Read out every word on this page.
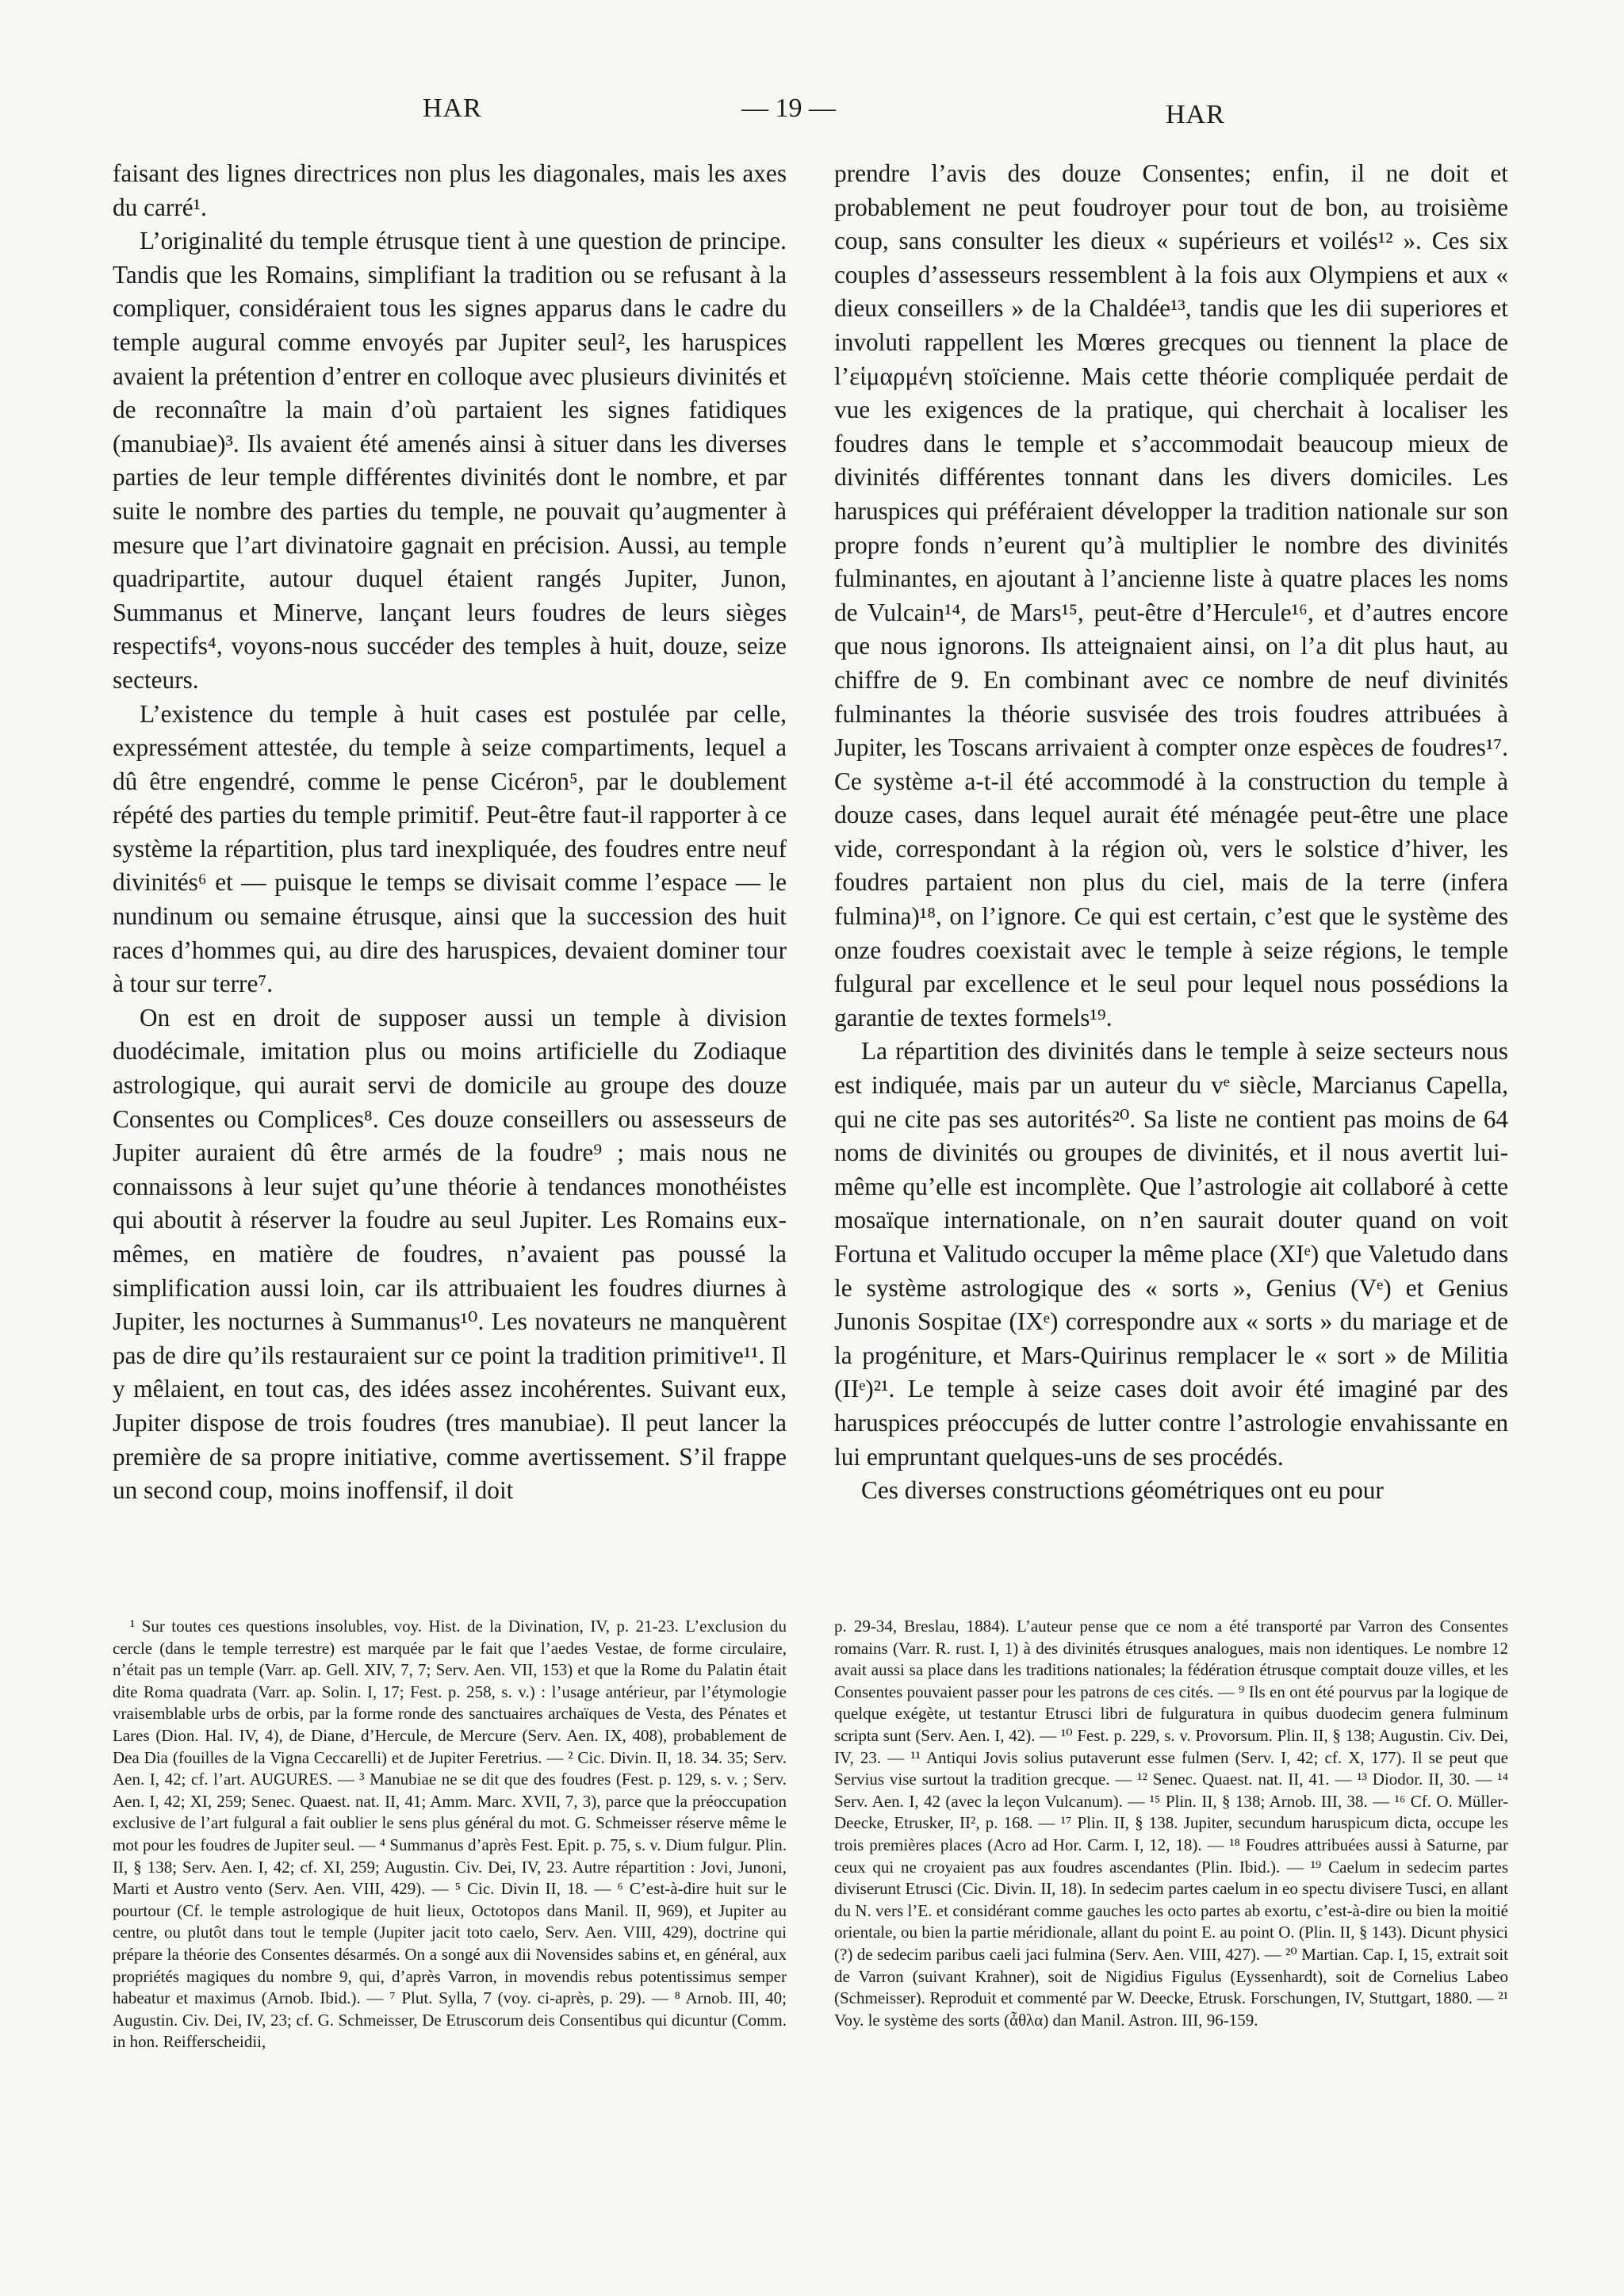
HAR	— 19 —	HAR

faisant des lignes directrices non plus les diagonales, mais les axes du carré¹.

L’originalité du temple étrusque tient à une question de principe. Tandis que les Romains, simplifiant la tradition ou se refusant à la compliquer, considéraient tous les signes apparus dans le cadre du temple augural comme envoyés par Jupiter seul², les haruspices avaient la prétention d’entrer en colloque avec plusieurs divinités et de reconnaître la main d’où partaient les signes fatidiques (manubiae)³. Ils avaient été amenés ainsi à situer dans les diverses parties de leur temple différentes divinités dont le nombre, et par suite le nombre des parties du temple, ne pouvait qu’augmenter à mesure que l’art divinatoire gagnait en précision. Aussi, au temple quadripartite, autour duquel étaient rangés Jupiter, Junon, Summanus et Minerve, lançant leurs foudres de leurs sièges respectifs⁴, voyons-nous succéder des temples à huit, douze, seize secteurs.

L’existence du temple à huit cases est postulée par celle, expressément attestée, du temple à seize compartiments, lequel a dû être engendré, comme le pense Cicéron⁵, par le doublement répété des parties du temple primitif. Peut-être faut-il rapporter à ce système la répartition, plus tard inexpliquée, des foudres entre neuf divinités⁶ et — puisque le temps se divisait comme l’espace — le nundinum ou semaine étrusque, ainsi que la succession des huit races d’hommes qui, au dire des haruspices, devaient dominer tour à tour sur terre⁷.

On est en droit de supposer aussi un temple à division duodécimale, imitation plus ou moins artificielle du Zodiaque astrologique, qui aurait servi de domicile au groupe des douze Consentes ou Complices⁸. Ces douze conseillers ou assesseurs de Jupiter auraient dû être armés de la foudre⁹ ; mais nous ne connaissons à leur sujet qu’une théorie à tendances monothéistes qui aboutit à réserver la foudre au seul Jupiter. Les Romains eux-mêmes, en matière de foudres, n’avaient pas poussé la simplification aussi loin, car ils attribuaient les foudres diurnes à Jupiter, les nocturnes à Summanus¹⁰. Les novateurs ne manquèrent pas de dire qu’ils restauraient sur ce point la tradition primitive¹¹. Il y mêlaient, en tout cas, des idées assez incohérentes. Suivant eux, Jupiter dispose de trois foudres (tres manubiae). Il peut lancer la première de sa propre initiative, comme avertissement. S’il frappe un second coup, moins inoffensif, il doit

prendre l’avis des douze Consentes; enfin, il ne doit et probablement ne peut foudroyer pour tout de bon, au troisième coup, sans consulter les dieux « supérieurs et voilés¹² ». Ces six couples d’assesseurs ressemblent à la fois aux Olympiens et aux « dieux conseillers » de la Chaldée¹³, tandis que les dii superiores et involuti rappellent les Mœres grecques ou tiennent la place de l’εἱμαρμένη stoïcienne. Mais cette théorie compliquée perdait de vue les exigences de la pratique, qui cherchait à localiser les foudres dans le temple et s’accommodait beaucoup mieux de divinités différentes tonnant dans les divers domiciles. Les haruspices qui préféraient développer la tradition nationale sur son propre fonds n’eurent qu’à multiplier le nombre des divinités fulminantes, en ajoutant à l’ancienne liste à quatre places les noms de Vulcain¹⁴, de Mars¹⁵, peut-être d’Hercule¹⁶, et d’autres encore que nous ignorons. Ils atteignaient ainsi, on l’a dit plus haut, au chiffre de 9. En combinant avec ce nombre de neuf divinités fulminantes la théorie susvisée des trois foudres attribuées à Jupiter, les Toscans arrivaient à compter onze espèces de foudres¹⁷. Ce système a-t-il été accommodé à la construction du temple à douze cases, dans lequel aurait été ménagée peut-être une place vide, correspondant à la région où, vers le solstice d’hiver, les foudres partaient non plus du ciel, mais de la terre (infera fulmina)¹⁸, on l’ignore. Ce qui est certain, c’est que le système des onze foudres coexistait avec le temple à seize régions, le temple fulgural par excellence et le seul pour lequel nous possédions la garantie de textes formels¹⁹.

La répartition des divinités dans le temple à seize secteurs nous est indiquée, mais par un auteur du vᵉ siècle, Marcianus Capella, qui ne cite pas ses autorités²⁰. Sa liste ne contient pas moins de 64 noms de divinités ou groupes de divinités, et il nous avertit lui-même qu’elle est incomplète. Que l’astrologie ait collaboré à cette mosaïque internationale, on n’en saurait douter quand on voit Fortuna et Valitudo occuper la même place (XIᵉ) que Valetudo dans le système astrologique des « sorts », Genius (Vᵉ) et Genius Junonis Sospitae (IXᵉ) correspondre aux « sorts » du mariage et de la progéniture, et Mars-Quirinus remplacer le « sort » de Militia (IIᵉ)²¹. Le temple à seize cases doit avoir été imaginé par des haruspices préoccupés de lutter contre l’astrologie envahissante en lui empruntant quelques-uns de ses procédés.

Ces diverses constructions géométriques ont eu pour

¹ Sur toutes ces questions insolubles, voy. Hist. de la Divination, IV, p. 21-23. L’exclusion du cercle (dans le temple terrestre) est marquée par le fait que l’aedes Vestae, de forme circulaire, n’était pas un temple (Varr. ap. Gell. XIV, 7, 7; Serv. Aen. VII, 153) et que la Rome du Palatin était dite Roma quadrata (Varr. ap. Solin. I, 17; Fest. p. 258, s. v.) : l’usage antérieur, par l’étymologie vraisemblable urbs de orbis, par la forme ronde des sanctuaires archaïques de Vesta, des Pénates et Lares (Dion. Hal. IV, 4), de Diane, d’Hercule, de Mercure (Serv. Aen. IX, 408), probablement de Dea Dia (fouilles de la Vigna Ceccarelli) et de Jupiter Feretrius. — ² Cic. Divin. II, 18. 34. 35; Serv. Aen. I, 42; cf. l’art. AUGURES. — ³ Manubiae ne se dit que des foudres (Fest. p. 129, s. v. ; Serv. Aen. I, 42; XI, 259; Senec. Quaest. nat. II, 41; Amm. Marc. XVII, 7, 3), parce que la préoccupation exclusive de l’art fulgural a fait oublier le sens plus général du mot. G. Schmeisser réserve même le mot pour les foudres de Jupiter seul. — ⁴ Summanus d’après Fest. Epit. p. 75, s. v. Dium fulgur. Plin. II, § 138; Serv. Aen. I, 42; cf. XI, 259; Augustin. Civ. Dei, IV, 23. Autre répartition : Jovi, Junoni, Marti et Austro vento (Serv. Aen. VIII, 429). — ⁵ Cic. Divin II, 18. — ⁶ C’est-à-dire huit sur le pourtour (Cf. le temple astrologique de huit lieux, Octotopos dans Manil. II, 969), et Jupiter au centre, ou plutôt dans tout le temple (Jupiter jacit toto caelo, Serv. Aen. VIII, 429), doctrine qui prépare la théorie des Consentes désarmés. On a songé aux dii Novensides sabins et, en général, aux propriétés magiques du nombre 9, qui, d’après Varron, in movendis rebus potentissimus semper habeatur et maximus (Arnob. Ibid.). — ⁷ Plut. Sylla, 7 (voy. ci-après, p. 29). — ⁸ Arnob. III, 40; Augustin. Civ. Dei, IV, 23; cf. G. Schmeisser, De Etruscorum deis Consentibus qui dicuntur (Comm. in hon. Reifferscheidii,

p. 29-34, Breslau, 1884). L’auteur pense que ce nom a été transporté par Varron des Consentes romains (Varr. R. rust. I, 1) à des divinités étrusques analogues, mais non identiques. Le nombre 12 avait aussi sa place dans les traditions nationales; la fédération étrusque comptait douze villes, et les Consentes pouvaient passer pour les patrons de ces cités. — ⁹ Ils en ont été pourvus par la logique de quelque exégète, ut testantur Etrusci libri de fulguratura in quibus duodecim genera fulminum scripta sunt (Serv. Aen. I, 42). — ¹⁰ Fest. p. 229, s. v. Provorsum. Plin. II, § 138; Augustin. Civ. Dei, IV, 23. — ¹¹ Antiqui Jovis solius putaverunt esse fulmen (Serv. I, 42; cf. X, 177). Il se peut que Servius vise surtout la tradition grecque. — ¹² Senec. Quaest. nat. II, 41. — ¹³ Diodor. II, 30. — ¹⁴ Serv. Aen. I, 42 (avec la leçon Vulcanum). — ¹⁵ Plin. II, § 138; Arnob. III, 38. — ¹⁶ Cf. O. Müller-Deecke, Etrusker, II², p. 168. — ¹⁷ Plin. II, § 138. Jupiter, secundum haruspicum dicta, occupe les trois premières places (Acro ad Hor. Carm. I, 12, 18). — ¹⁸ Foudres attribuées aussi à Saturne, par ceux qui ne croyaient pas aux foudres ascendantes (Plin. Ibid.). — ¹⁹ Caelum in sedecim partes diviserunt Etrusci (Cic. Divin. II, 18). In sedecim partes caelum in eo spectu divisere Tusci, en allant du N. vers l’E. et considérant comme gauches les octo partes ab exortu, c’est-à-dire ou bien la moitié orientale, ou bien la partie méridionale, allant du point E. au point O. (Plin. II, § 143). Dicunt physici (?) de sedecim paribus caeli jaci fulmina (Serv. Aen. VIII, 427). — ²⁰ Martian. Cap. I, 15, extrait soit de Varron (suivant Krahner), soit de Nigidius Figulus (Eyssenhardt), soit de Cornelius Labeo (Schmeisser). Reproduit et commenté par W. Deecke, Etrusk. Forschungen, IV, Stuttgart, 1880. — ²¹ Voy. le système des sorts (ἆθλα) dan Manil. Astron. III, 96-159.
